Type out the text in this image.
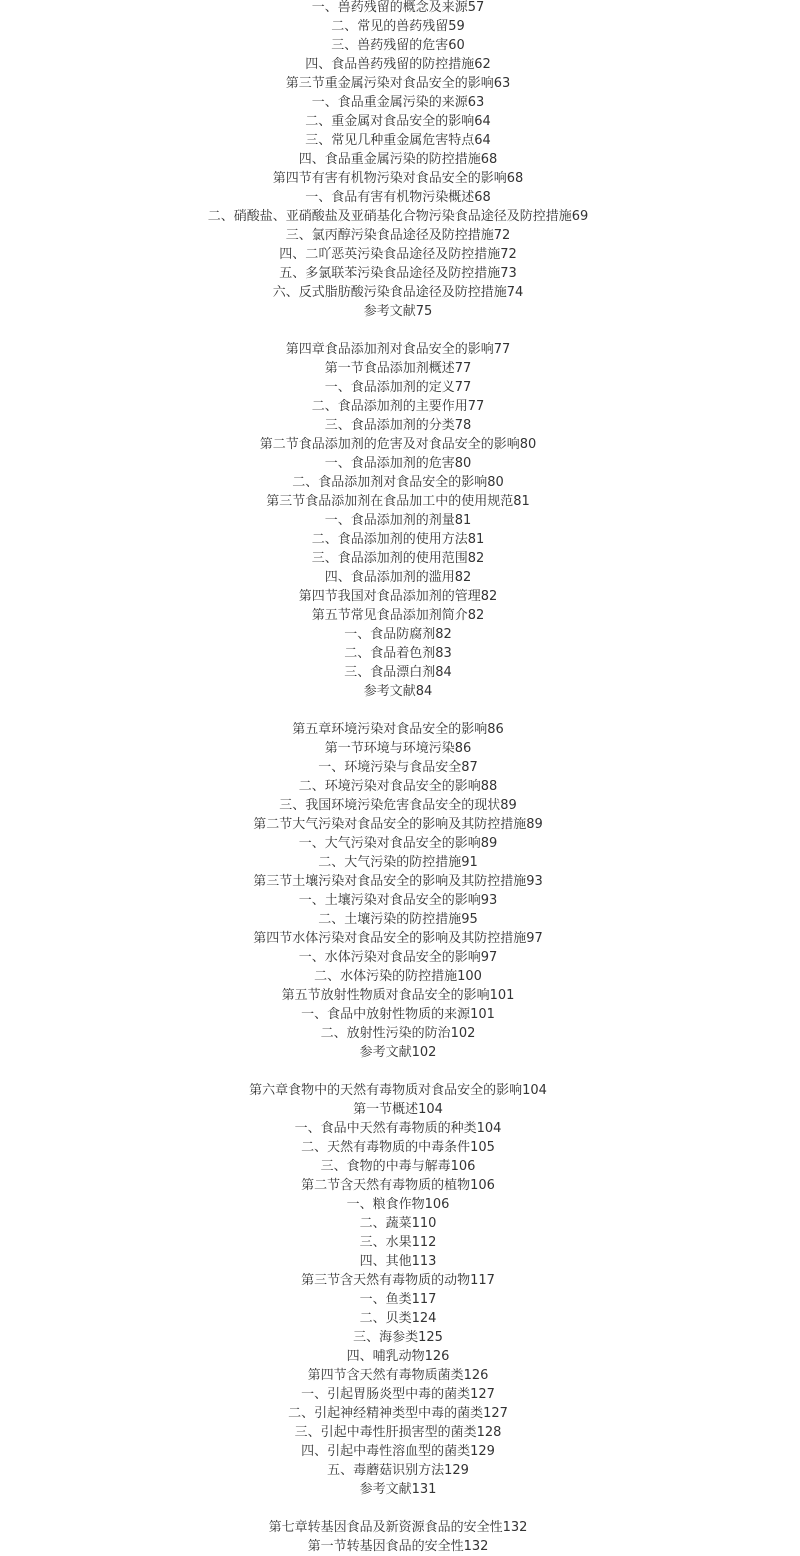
一、兽药残留的概念及来源57
二、常见的兽药残留59
三、兽药残留的危害60
四、食品兽药残留的防控措施62
第三节重金属污染对食品安全的影响63
一、食品重金属污染的来源63
二、重金属对食品安全的影响64
三、常见几种重金属危害特点64
四、食品重金属污染的防控措施68
第四节有害有机物污染对食品安全的影响68
一、食品有害有机物污染概述68
二、硝酸盐、亚硝酸盐及亚硝基化合物污染食品途径及防控措施69
三、氯丙醇污染食品途径及防控措施72
四、二吖恶英污染食品途径及防控措施72
五、多氯联苯污染食品途径及防控措施73
六、反式脂肪酸污染食品途径及防控措施74
参考文献75
第四章食品添加剂对食品安全的影响77
第一节食品添加剂概述77
一、食品添加剂的定义77
二、食品添加剂的主要作用77
三、食品添加剂的分类78
第二节食品添加剂的危害及对食品安全的影响80
一、食品添加剂的危害80
二、食品添加剂对食品安全的影响80
第三节食品添加剂在食品加工中的使用规范81
一、食品添加剂的剂量81
二、食品添加剂的使用方法81
三、食品添加剂的使用范围82
四、食品添加剂的滥用82
第四节我国对食品添加剂的管理82
第五节常见食品添加剂简介82
一、食品防腐剂82
二、食品着色剂83
三、食品漂白剂84
参考文献84
第五章环境污染对食品安全的影响86
第一节环境与环境污染86
一、环境污染与食品安全87
二、环境污染对食品安全的影响88
三、我国环境污染危害食品安全的现状89
第二节大气污染对食品安全的影响及其防控措施89
一、大气污染对食品安全的影响89
二、大气污染的防控措施91
第三节土壤污染对食品安全的影响及其防控措施93
一、土壤污染对食品安全的影响93
二、土壤污染的防控措施95
第四节水体污染对食品安全的影响及其防控措施97
一、水体污染对食品安全的影响97
二、水体污染的防控措施100
第五节放射性物质对食品安全的影响101
一、食品中放射性物质的来源101
二、放射性污染的防治102
参考文献102
第六章食物中的天然有毒物质对食品安全的影响104
第一节概述104
一、食品中天然有毒物质的种类104
二、天然有毒物质的中毒条件105
三、食物的中毒与解毒106
第二节含天然有毒物质的植物106
一、粮食作物106
二、蔬菜110
三、水果112
四、其他113
第三节含天然有毒物质的动物117
一、鱼类117
二、贝类124
三、海参类125
四、哺乳动物126
第四节含天然有毒物质菌类126
一、引起胃肠炎型中毒的菌类127
二、引起神经精神类型中毒的菌类127
三、引起中毒性肝损害型的菌类128
四、引起中毒性溶血型的菌类129
五、毒蘑菇识别方法129
参考文献131
第七章转基因食品及新资源食品的安全性132
第一节转基因食品的安全性132
